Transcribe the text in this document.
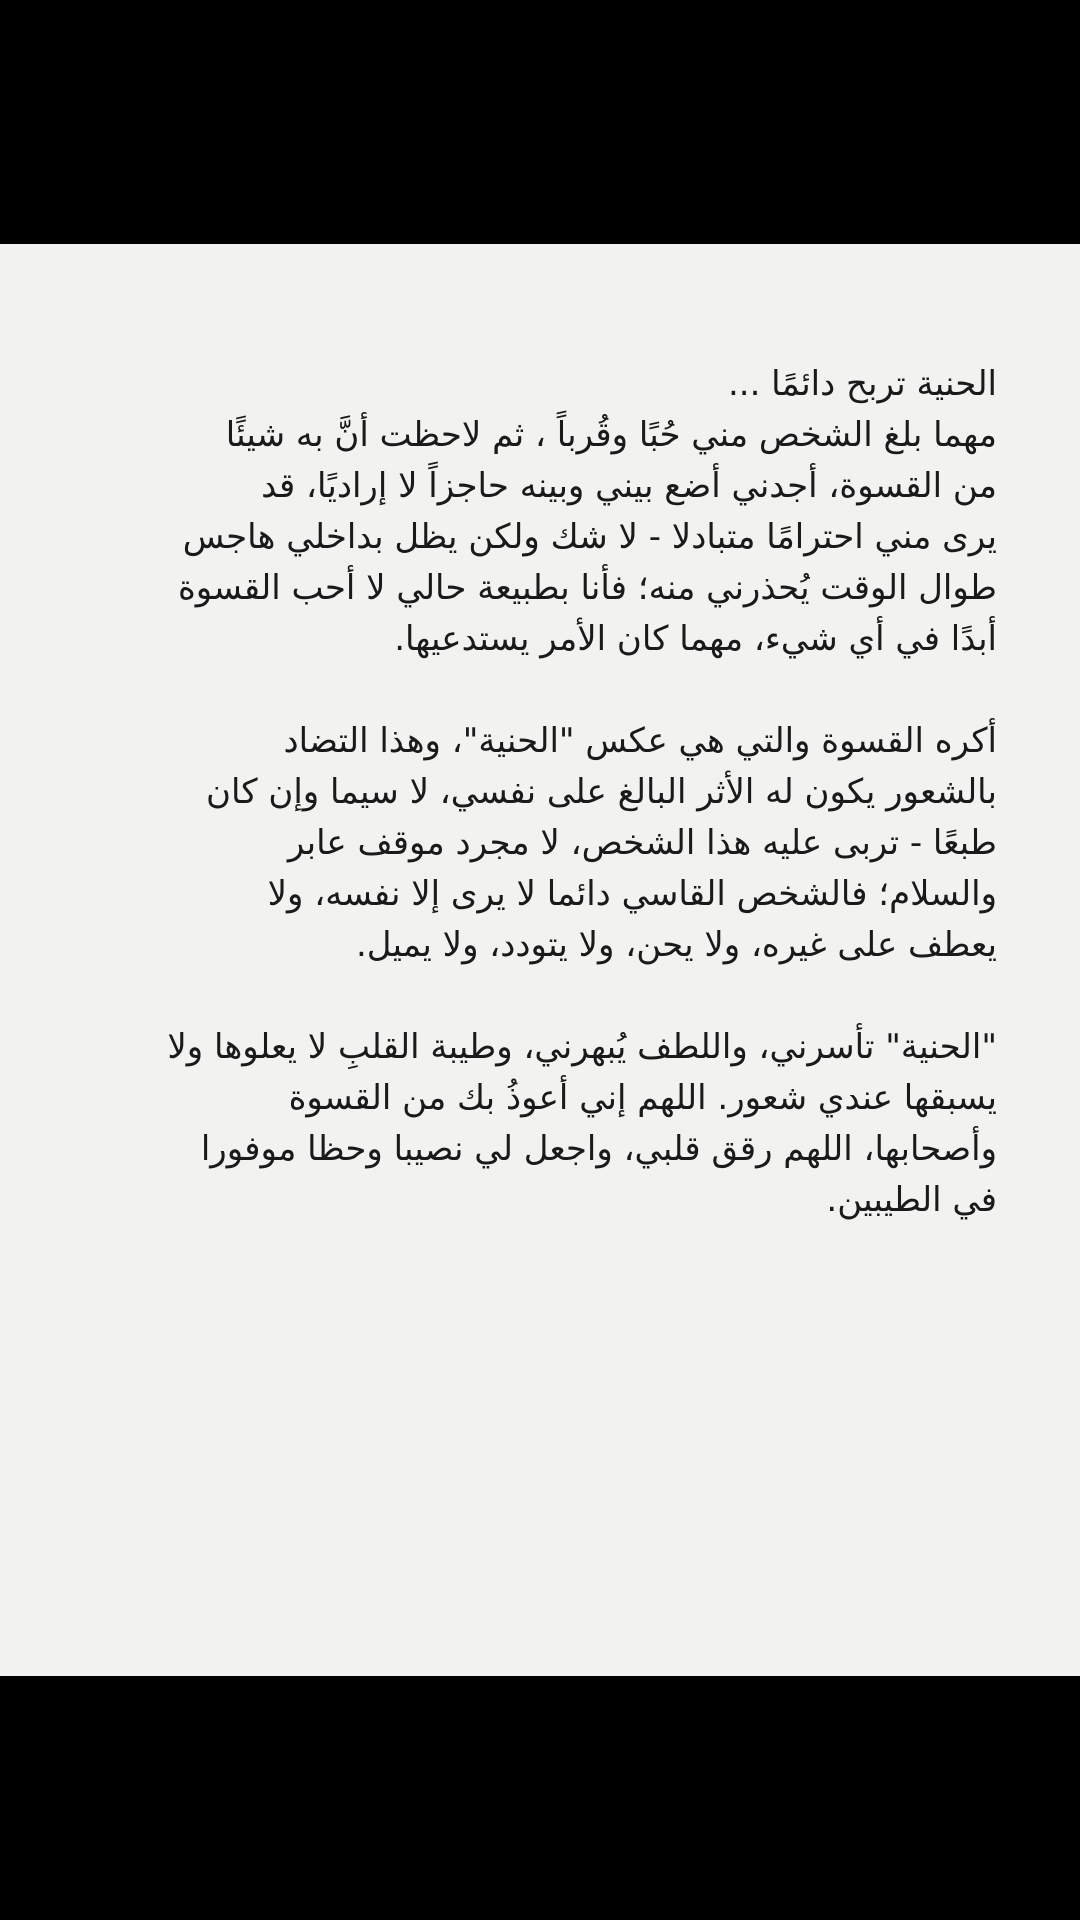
الحنية تربح دائمًا ...
مهما بلغ الشخص مني حُبًا وقُرباً ، ثم لاحظت أنَّ به شيئًا
من القسوة، أجدني أضع بيني وبينه حاجزاً لا إراديًا، قد
يرى مني احترامًا متبادلا - لا شك ولكن يظل بداخلي هاجس
طوال الوقت يُحذرني منه؛ فأنا بطبيعة حالي لا أحب القسوة
أبدًا في أي شيء، مهما كان الأمر يستدعيها.
أكره القسوة والتي هي عكس "الحنية"، وهذا التضاد
بالشعور يكون له الأثر البالغ على نفسي، لا سيما وإن كان
طبعًا - تربى عليه هذا الشخص، لا مجرد موقف عابر
والسلام؛ فالشخص القاسي دائما لا يرى إلا نفسه، ولا
يعطف على غيره، ولا يحن، ولا يتودد، ولا يميل.
"الحنية" تأسرني، واللطف يُبهرني، وطيبة القلبِ لا يعلوها ولا
يسبقها عندي شعور. اللهم إني أعوذُ بك من القسوة
وأصحابها، اللهم رقق قلبي، واجعل لي نصيبا وحظا موفورا
في الطيبين.
